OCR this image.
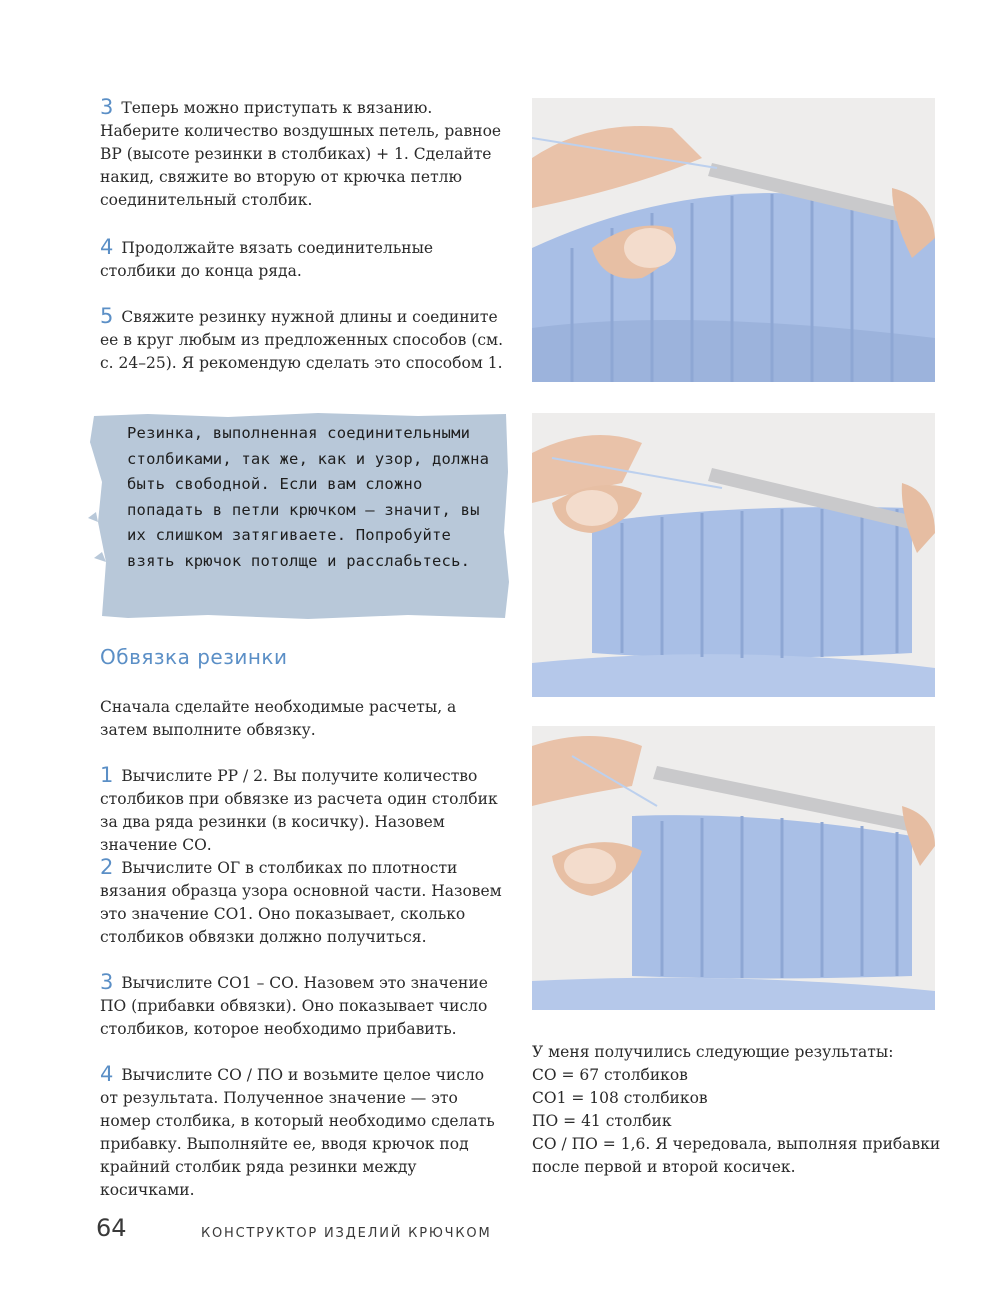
3 Теперь можно приступать к вязанию. Наберите количество воздушных петель, равное ВР (высоте резинки в столбиках) + 1. Сделайте накид, свяжите во вторую от крючка петлю соединительный столбик.

4 Продолжайте вязать соединительные столбики до конца ряда.

5 Свяжите резинку нужной длины и соедините ее в круг любым из предложенных способов (см. с. 24–25). Я рекомендую сделать это способом 1.

Резинка, выполненная соединительными столбиками, так же, как и узор, должна быть свободной. Если вам сложно попадать в петли крючком — значит, вы их слишком затягиваете. Попробуйте взять крючок потолще и расслабьтесь.
Обвязка резинки

Сначала сделайте необходимые расчеты, а затем выполните обвязку.

1 Вычислите РР / 2. Вы получите количество столбиков при обвязке из расчета один столбик за два ряда резинки (в косичку). Назовем значение СО.

2 Вычислите ОГ в столбиках по плотности вязания образца узора основной части. Назовем это значение СО1. Оно показывает, сколько столбиков обвязки должно получиться.

3 Вычислите СО1 – СО. Назовем это значение ПО (прибавки обвязки). Оно показывает число столбиков, которое необходимо прибавить.

4 Вычислите СО / ПО и возьмите целое число от результата. Полученное значение — это номер столбика, в который необходимо сделать прибавку. Выполняйте ее, вводя крючок под крайний столбик ряда резинки между косичками.

У меня получились следующие результаты:

СО = 67 столбиков

СО1 = 108 столбиков

ПО = 41 столбик

СО / ПО = 1,6. Я чередовала, выполняя прибавки после первой и второй косичек.

64	КОНСТРУКТОР ИЗДЕЛИЙ КРЮЧКОМ
